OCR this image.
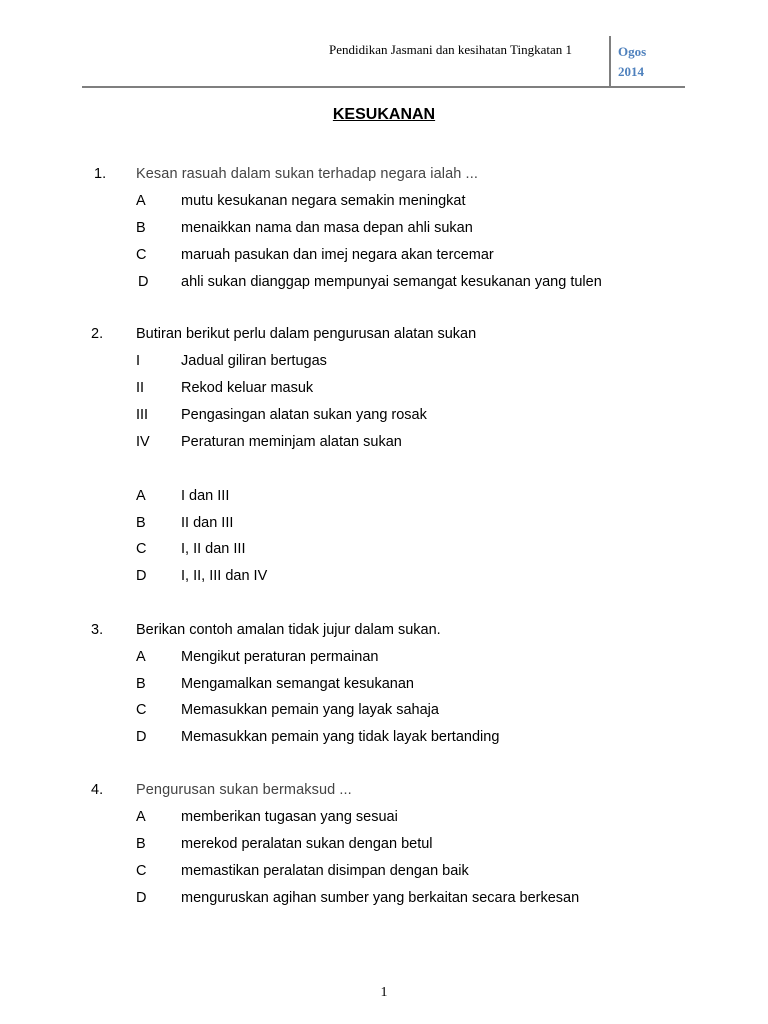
Pendidikan Jasmani dan kesihatan Tingkatan 1	Ogos
2014
KESUKANAN
1. Kesan rasuah dalam sukan terhadap negara ialah ...
A mutu kesukanan negara semakin meningkat
B menaikkan nama dan masa depan ahli sukan
C maruah pasukan dan imej negara akan tercemar
D ahli sukan dianggap mempunyai semangat kesukanan yang tulen
2. Butiran berikut perlu dalam pengurusan alatan sukan
I	Jadual giliran bertugas
II	Rekod keluar masuk
III Pengasingan alatan sukan yang rosak
IV Peraturan meminjam alatan sukan
A I dan III
B II dan III
C I, II dan III
D I, II, III dan IV
3. Berikan contoh amalan tidak jujur dalam sukan.
A Mengikut peraturan permainan
B Mengamalkan semangat kesukanan
C Memasukkan pemain yang layak sahaja
D Memasukkan pemain yang tidak layak bertanding
4. Pengurusan sukan bermaksud ...
A memberikan tugasan yang sesuai
B merekod peralatan sukan dengan betul
C memastikan peralatan disimpan dengan baik
D menguruskan agihan sumber yang berkaitan secara berkesan
1
